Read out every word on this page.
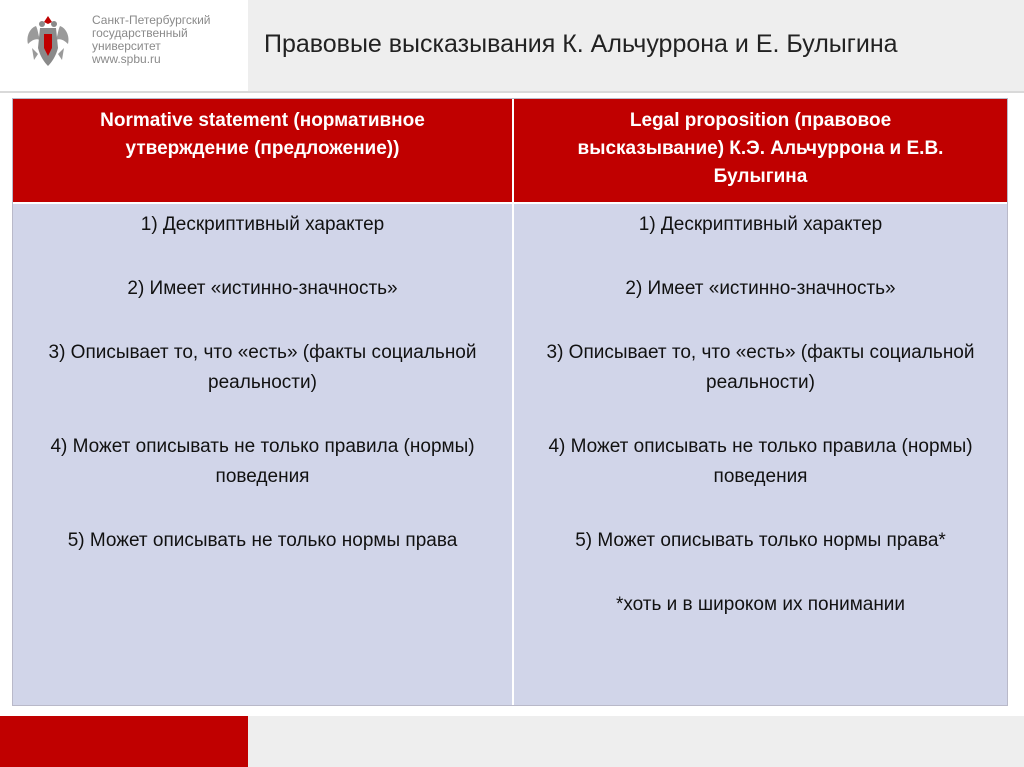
Санкт-Петербургский
государственный
университет
www.spbu.ru
Правовые высказывания К. Альчуррона и Е. Булыгина
Normative statement (нормативное утверждение (предложение))
Legal proposition (правовое высказывание) К.Э. Альчуррона и Е.В. Булыгина
1) Дескриптивный характер
2) Имеет «истинно-значность»
3) Описывает то, что «есть» (факты социальной реальности)
4) Может описывать не только правила (нормы) поведения
5) Может описывать не только нормы права
1) Дескриптивный характер
2) Имеет «истинно-значность»
3) Описывает то, что «есть» (факты социальной реальности)
4) Может описывать не только правила (нормы) поведения
5) Может описывать только нормы права*
*хоть и в широком их понимании
